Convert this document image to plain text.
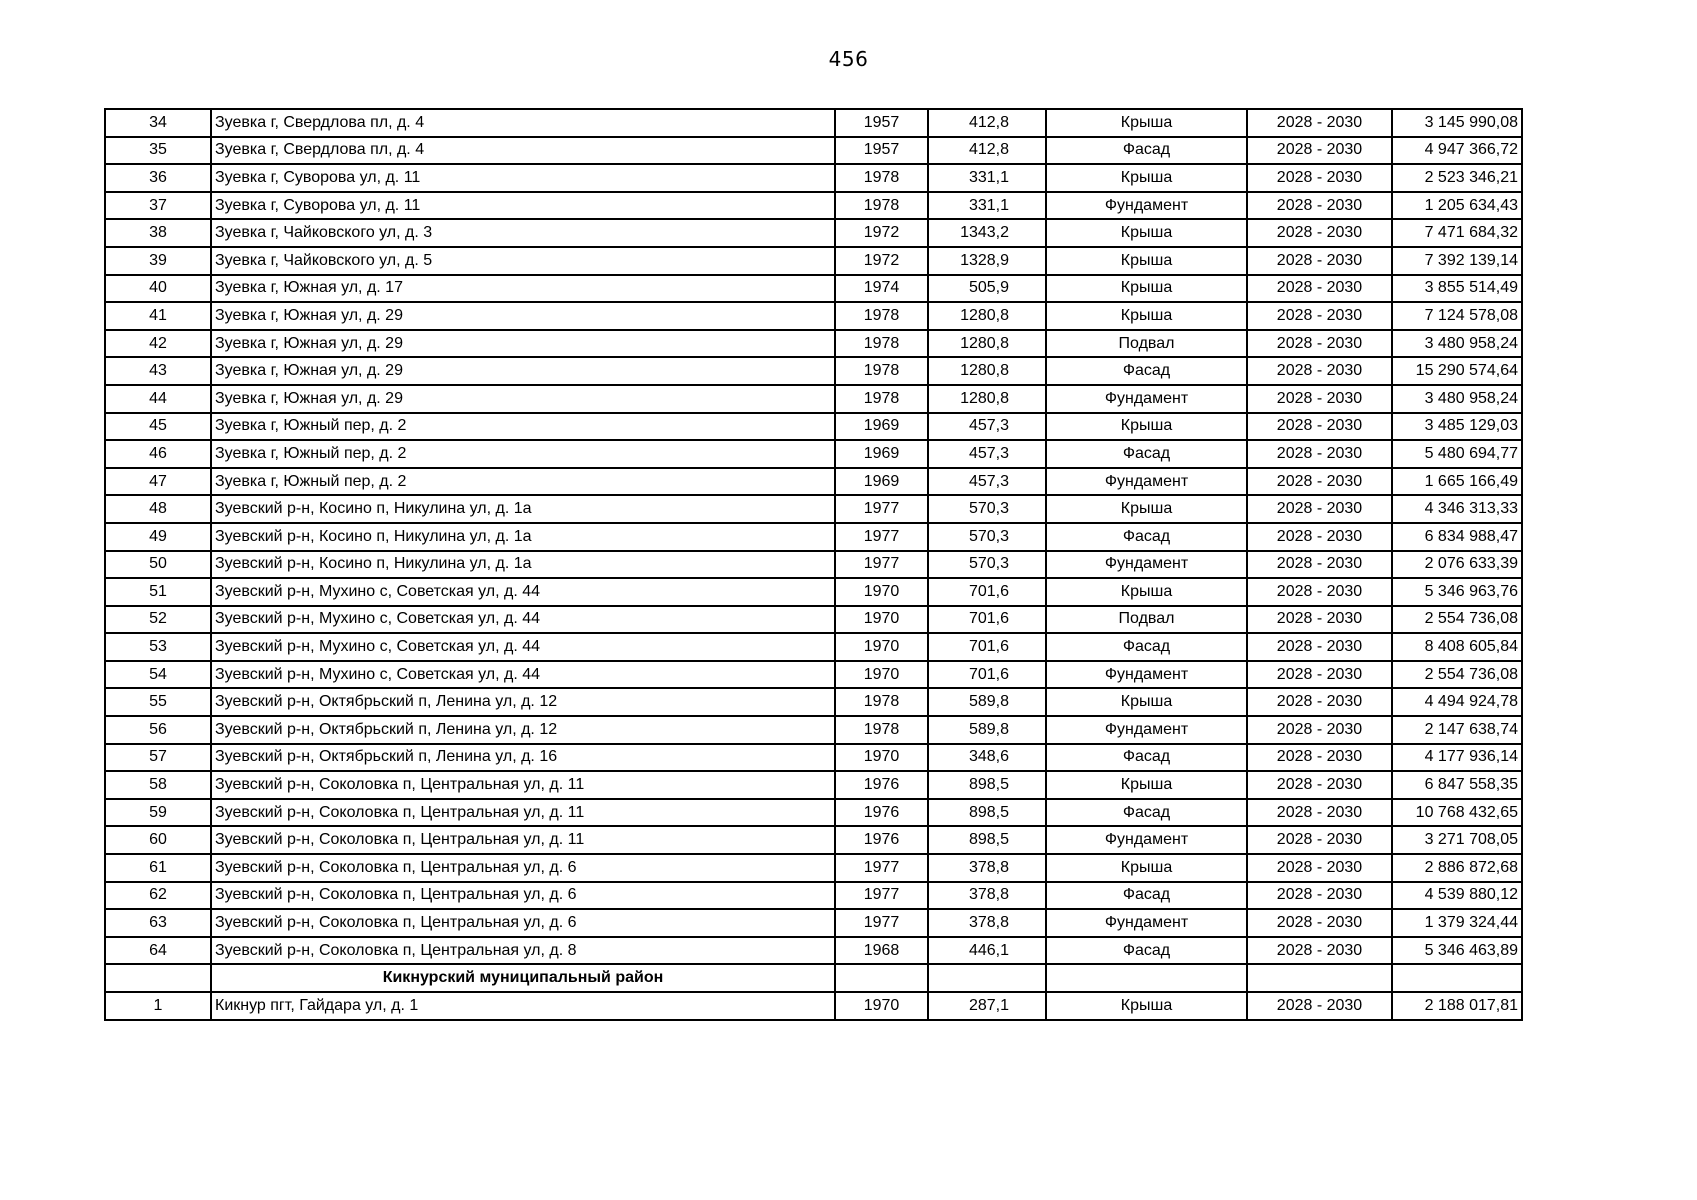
456
34	Зуевка г, Свердлова пл, д. 4	1957	412,8	Крыша	2028 - 2030	3 145 990,08
35	Зуевка г, Свердлова пл, д. 4	1957	412,8	Фасад	2028 - 2030	4 947 366,72
36	Зуевка г, Суворова ул, д. 11	1978	331,1	Крыша	2028 - 2030	2 523 346,21
37	Зуевка г, Суворова ул, д. 11	1978	331,1	Фундамент	2028 - 2030	1 205 634,43
38	Зуевка г, Чайковского ул, д. 3	1972	1343,2	Крыша	2028 - 2030	7 471 684,32
39	Зуевка г, Чайковского ул, д. 5	1972	1328,9	Крыша	2028 - 2030	7 392 139,14
40	Зуевка г, Южная ул, д. 17	1974	505,9	Крыша	2028 - 2030	3 855 514,49
41	Зуевка г, Южная ул, д. 29	1978	1280,8	Крыша	2028 - 2030	7 124 578,08
42	Зуевка г, Южная ул, д. 29	1978	1280,8	Подвал	2028 - 2030	3 480 958,24
43	Зуевка г, Южная ул, д. 29	1978	1280,8	Фасад	2028 - 2030	15 290 574,64
44	Зуевка г, Южная ул, д. 29	1978	1280,8	Фундамент	2028 - 2030	3 480 958,24
45	Зуевка г, Южный пер, д. 2	1969	457,3	Крыша	2028 - 2030	3 485 129,03
46	Зуевка г, Южный пер, д. 2	1969	457,3	Фасад	2028 - 2030	5 480 694,77
47	Зуевка г, Южный пер, д. 2	1969	457,3	Фундамент	2028 - 2030	1 665 166,49
48	Зуевский р-н, Косино п, Никулина ул, д. 1а	1977	570,3	Крыша	2028 - 2030	4 346 313,33
49	Зуевский р-н, Косино п, Никулина ул, д. 1а	1977	570,3	Фасад	2028 - 2030	6 834 988,47
50	Зуевский р-н, Косино п, Никулина ул, д. 1а	1977	570,3	Фундамент	2028 - 2030	2 076 633,39
51	Зуевский р-н, Мухино с, Советская ул, д. 44	1970	701,6	Крыша	2028 - 2030	5 346 963,76
52	Зуевский р-н, Мухино с, Советская ул, д. 44	1970	701,6	Подвал	2028 - 2030	2 554 736,08
53	Зуевский р-н, Мухино с, Советская ул, д. 44	1970	701,6	Фасад	2028 - 2030	8 408 605,84
54	Зуевский р-н, Мухино с, Советская ул, д. 44	1970	701,6	Фундамент	2028 - 2030	2 554 736,08
55	Зуевский р-н, Октябрьский п, Ленина ул, д. 12	1978	589,8	Крыша	2028 - 2030	4 494 924,78
56	Зуевский р-н, Октябрьский п, Ленина ул, д. 12	1978	589,8	Фундамент	2028 - 2030	2 147 638,74
57	Зуевский р-н, Октябрьский п, Ленина ул, д. 16	1970	348,6	Фасад	2028 - 2030	4 177 936,14
58	Зуевский р-н, Соколовка п, Центральная ул, д. 11	1976	898,5	Крыша	2028 - 2030	6 847 558,35
59	Зуевский р-н, Соколовка п, Центральная ул, д. 11	1976	898,5	Фасад	2028 - 2030	10 768 432,65
60	Зуевский р-н, Соколовка п, Центральная ул, д. 11	1976	898,5	Фундамент	2028 - 2030	3 271 708,05
61	Зуевский р-н, Соколовка п, Центральная ул, д. 6	1977	378,8	Крыша	2028 - 2030	2 886 872,68
62	Зуевский р-н, Соколовка п, Центральная ул, д. 6	1977	378,8	Фасад	2028 - 2030	4 539 880,12
63	Зуевский р-н, Соколовка п, Центральная ул, д. 6	1977	378,8	Фундамент	2028 - 2030	1 379 324,44
64	Зуевский р-н, Соколовка п, Центральная ул, д. 8	1968	446,1	Фасад	2028 - 2030	5 346 463,89
	Кикнурский муниципальный район					
1	Кикнур пгт, Гайдара ул, д. 1	1970	287,1	Крыша	2028 - 2030	2 188 017,81
